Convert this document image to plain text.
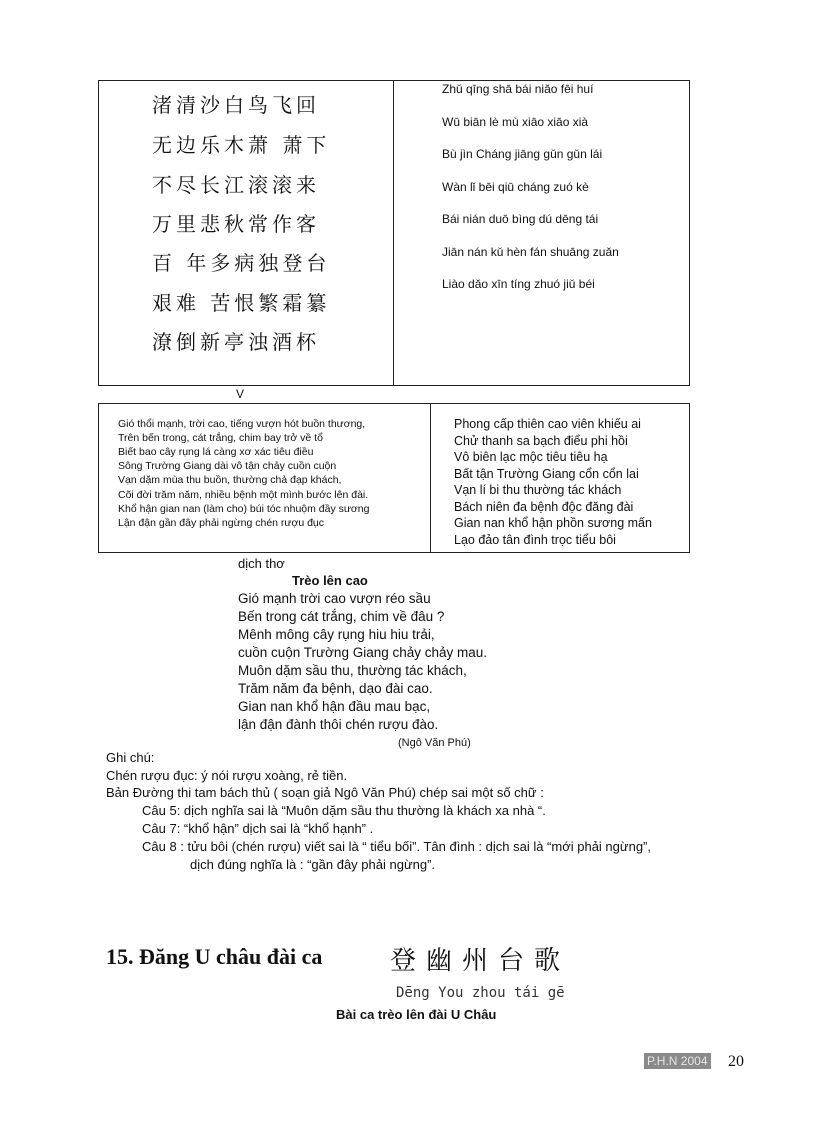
渚清沙白鸟飞回
无边乐木萧 萧下
不尽长江滚滚来
万里悲秋常作客
百 年多病独登台
艰难 苦恨繁霜纂
潦倒新亭浊酒杯
Zhǔ qīng shā bái niǎo fēi huí
Wū biān lè mù xiāo xiāo xià
Bù jìn Cháng jiāng gǔn gǔn lái
Wàn lǐ bēi qiū cháng zuó kè
Bái nián duō bìng dú dēng tái
Jiān nán kǔ hèn fán shuāng zuǎn
Liào dǎo xīn tíng zhuó jiǔ béi
V
Gió thổi mạnh, trời cao, tiếng vượn hót buồn thương,
Trên bến trong, cát trắng, chim bay trở về tổ
Biết bao cây rụng lá càng xơ xác tiêu điều
Sông Trường Giang dài vô tận chảy cuồn cuộn
Vạn dặm mùa thu buồn, thường chả đạp khách,
Cõi đời trăm năm, nhiều bệnh một mình bước lên đài.
Khổ hận gian nan (làm cho) búi tóc nhuộm đầy sương
Lận đận gần đây phải ngừng chén rượu đục
Phong cấp thiên cao viên khiếu ai
Chử thanh sa bạch điểu phi hồi
Vô biên lạc mộc tiêu tiêu hạ
Bất tận Trường Giang cổn cổn lai
Vạn lí bi thu thường tác khách
Bách niên đa bệnh độc đăng đài
Gian nan khổ hận phồn sương mấn
Lạo đảo tân đình trọc tiểu bôi
dịch thơ
Trèo lên cao
Gió mạnh trời cao vượn réo sầu
Bến trong cát trắng, chim về đâu ?
Mênh mông cây rụng hiu hiu trải,
cuồn cuộn Trường Giang chảy chảy mau.
Muôn dặm sầu thu, thường tác khách,
Trăm năm đa bệnh, dạo đài cao.
Gian nan khổ hận đầu mau bạc,
lận đận đành thôi chén rượu đào.
(Ngô Văn Phú)
Ghi chú:
Chén rượu đục: ý nói rượu xoàng, rẻ tiền.
Bản Đường thi tam bách thủ ( soạn giả Ngô Văn Phú) chép sai một số chữ :
Câu 5: dịch nghĩa sai là “Muôn dặm sầu thu thường là khách xa nhà “.
Câu 7: “khổ hận” dịch sai là “khổ hạnh” .
Câu 8 : tửu bôi (chén rượu) viết sai là “ tiểu bối”. Tân đình : dịch sai là “mới phải ngừng”,
dịch đúng nghĩa là : “gần đây phải ngừng”.
15. Đăng U châu đài ca	登幽州台歌
Dēng You zhou tái gē
Bài ca trèo lên đài U Châu
P.H.N 2004 20
